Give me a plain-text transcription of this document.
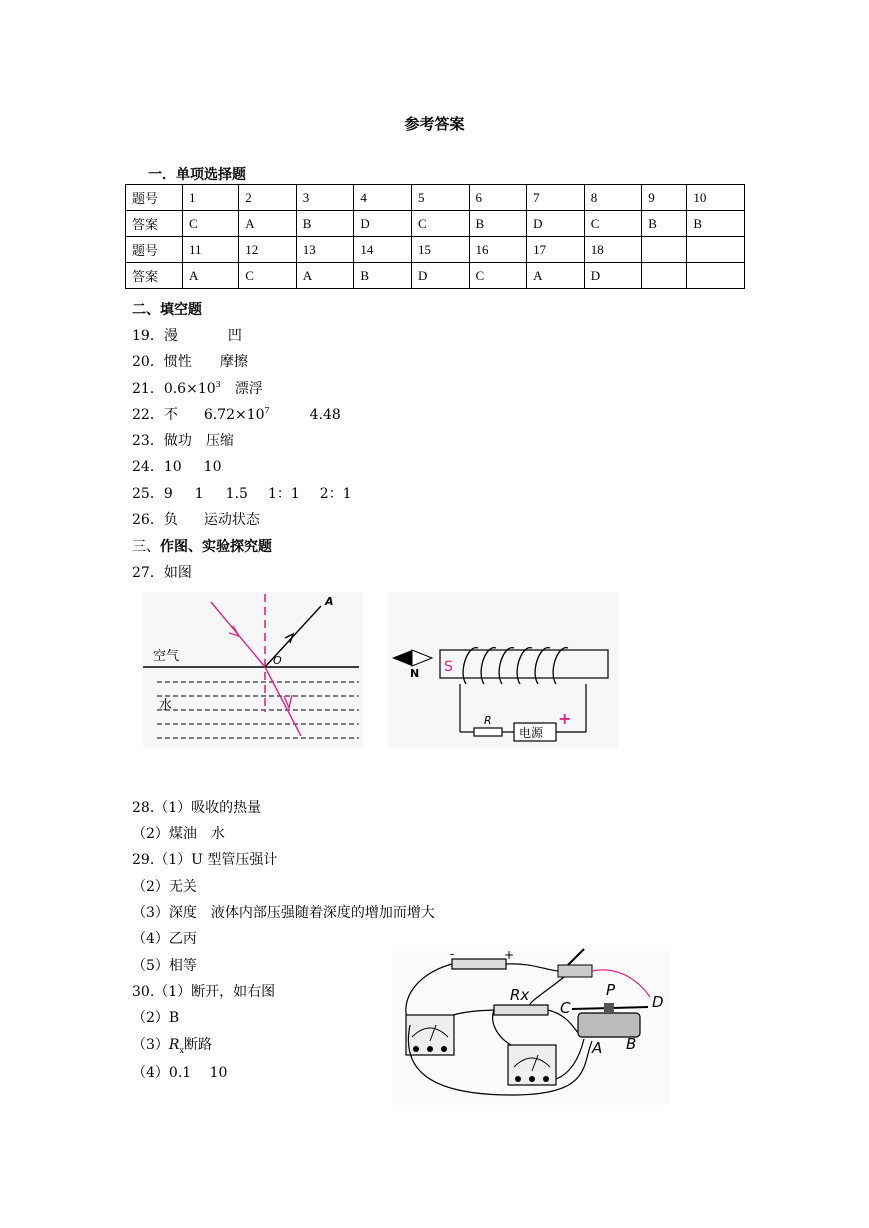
参考答案
一．单项选择题
题号	1	2	3	4	5	6	7	8	9	10
答案	C	A	B	D	C	B	D	C	B	B
题号	11	12	13	14	15	16	17	18		
答案	A	C	A	B	D	C	A	D		
二、填空题
19．漫	凹
20．惯性 摩擦
21．$0.6\times 10^3$ 漂浮
22．不 $6.72\times 10^7$	4.48
23．做功 压缩
24．10 10
25．9 1 1.5 1：1 2：1
26．负 运动状态
三、作图、实验探究题
27．如图
空气
水
O
A
N S
R
电源
+
28.（1）吸收的热量
（2）煤油　水
29.（1）U 型管压强计
（2）无关
（3）深度　液体内部压强随着深度的增加而增大
（4）乙丙
（5）相等
30.（1）断开，如右图
（2）B
$(3)R_x$断路
（4）0.1　 10
-	+
Rx	P
C	D
A B
